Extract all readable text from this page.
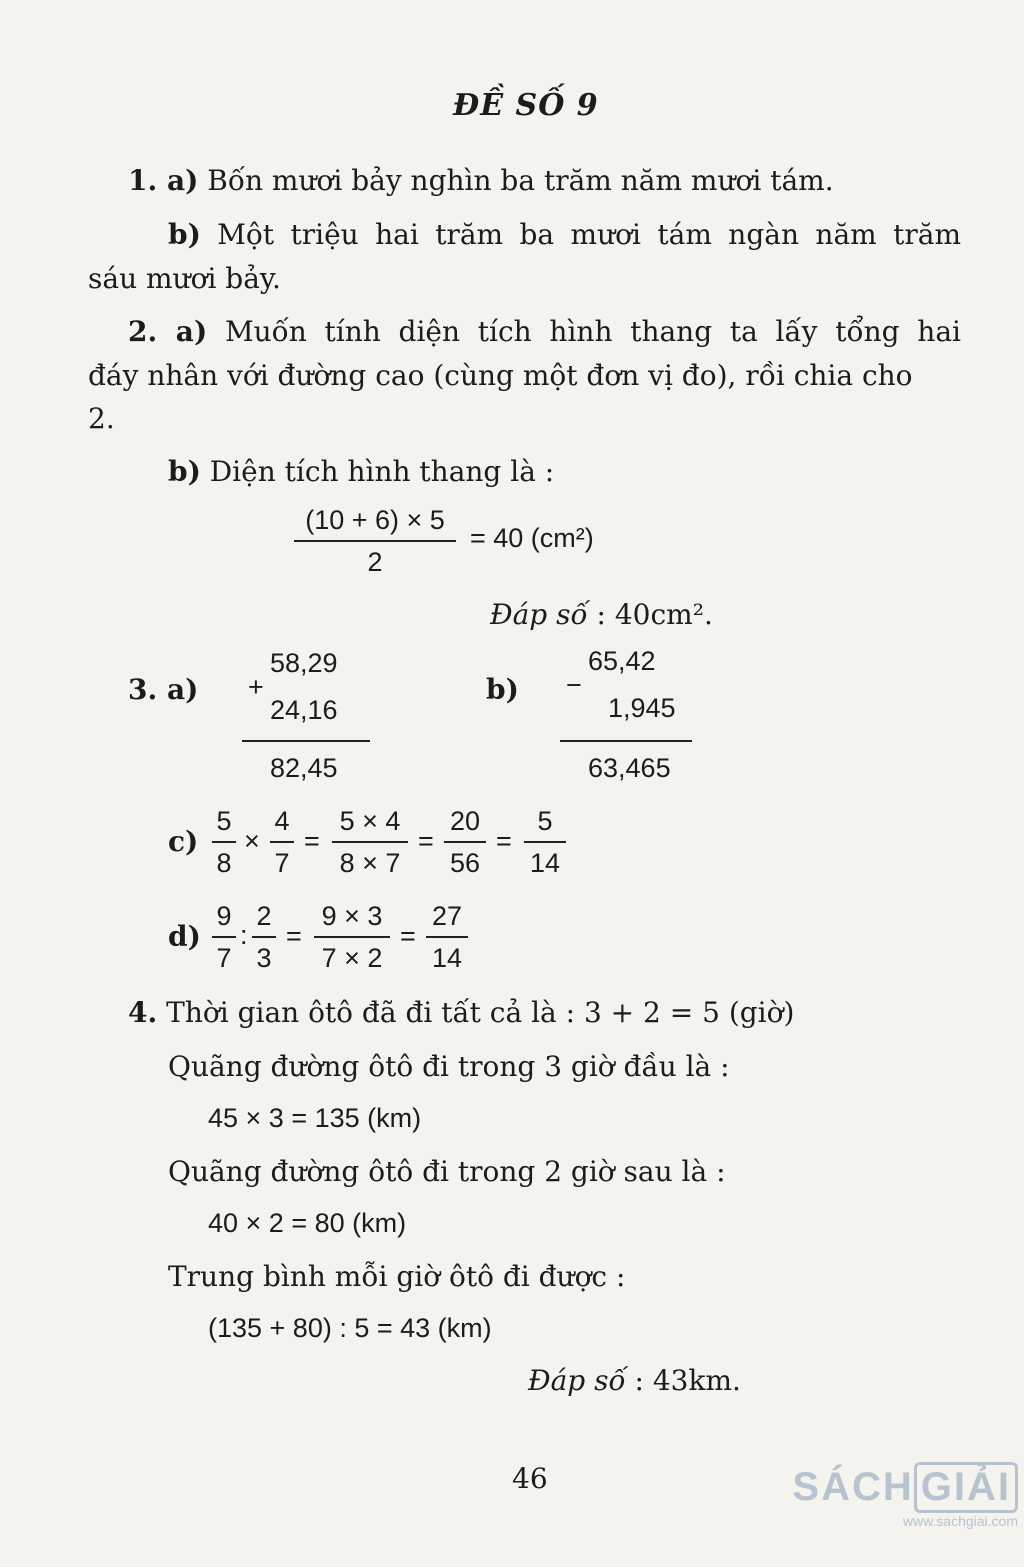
ĐỀ SỐ 9
1. a) Bốn mươi bảy nghìn ba trăm năm mươi tám.
b) Một triệu hai trăm ba mươi tám ngàn năm trăm
sáu mươi bảy.
2. a) Muốn tính diện tích hình thang ta lấy tổng hai
đáy nhân với đường cao (cùng một đơn vị đo), rồi chia cho
2.
b) Diện tích hình thang là :
(10 + 6) × 5
2
= 40 (cm²)
Đáp số : 40cm².
3. a)
58,29
+
24,16
82,45
b)
65,42
−
1,945
63,465
c)
5
8
×
4
7
=
5 × 4
8 × 7
=
20
56
=
5
14
d)
9
7
:
2
3
=
9 × 3
7 × 2
=
27
14
4. Thời gian ôtô đã đi tất cả là : 3 + 2 = 5 (giờ)
Quãng đường ôtô đi trong 3 giờ đầu là :
45 × 3 = 135 (km)
Quãng đường ôtô đi trong 2 giờ sau là :
40 × 2 = 80 (km)
Trung bình mỗi giờ ôtô đi được :
(135 + 80) : 5 = 43 (km)
Đáp số : 43km.
46	SÁCH GIẢI
www.sachgiai.com
